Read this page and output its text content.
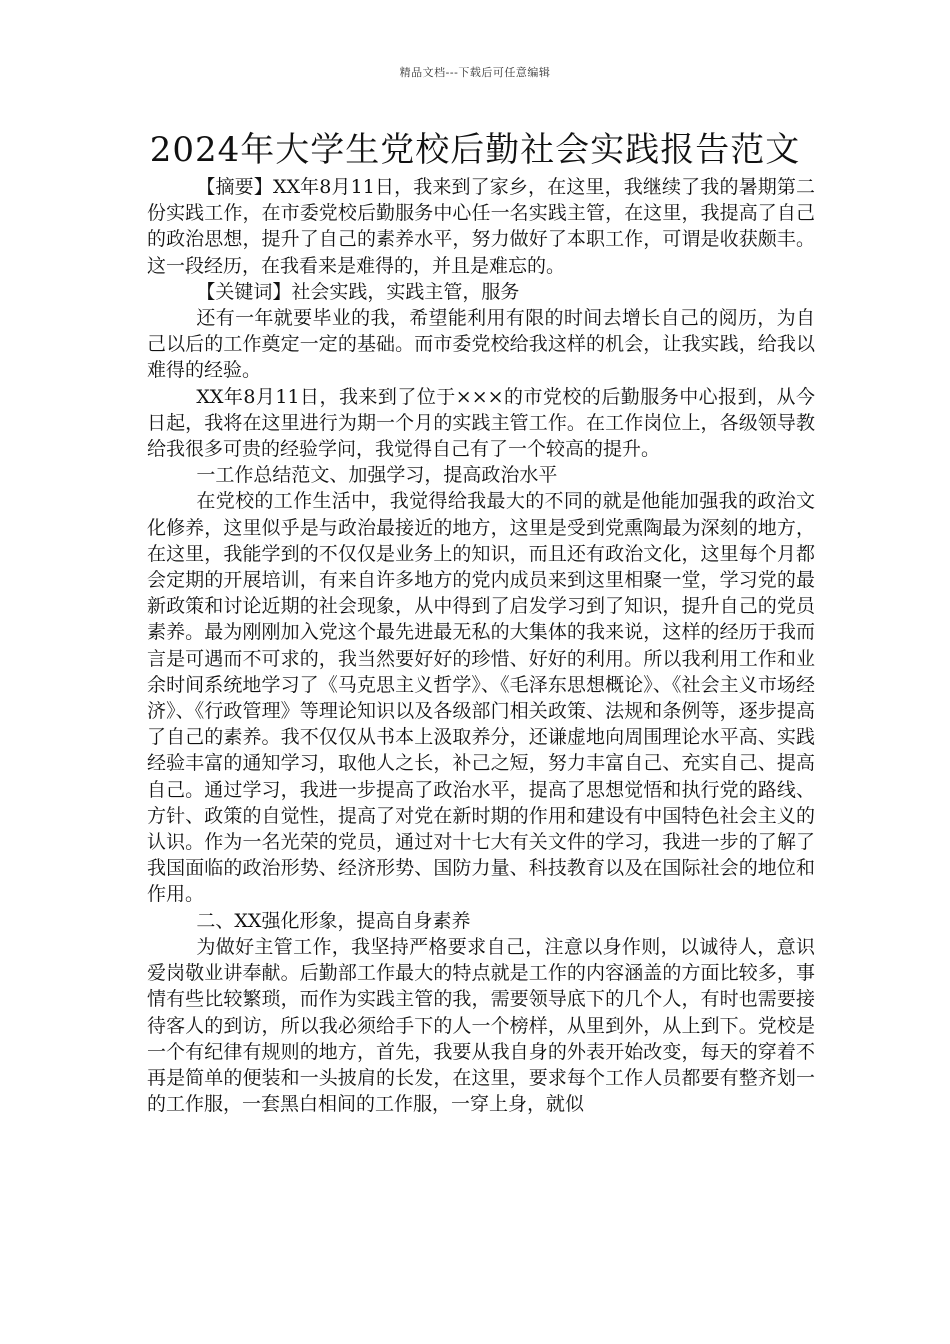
精品文档---下载后可任意编辑
2024年大学生党校后勤社会实践报告范文

【摘要】XX年8月11日，我来到了家乡，在这里，我继续了我的暑期第二份实践工作，在市委党校后勤服务中心任一名实践主管，在这里，我提高了自己的政治思想，提升了自己的素养水平，努力做好了本职工作，可谓是收获颇丰。这一段经历，在我看来是难得的，并且是难忘的。

【关键词】社会实践，实践主管，服务

还有一年就要毕业的我，希望能利用有限的时间去增长自己的阅历，为自己以后的工作奠定一定的基础。而市委党校给我这样的机会，让我实践，给我以难得的经验。

XX年8月11日，我来到了位于×××的市党校的后勤服务中心报到，从今日起，我将在这里进行为期一个月的实践主管工作。在工作岗位上，各级领导教给我很多可贵的经验学问，我觉得自己有了一个较高的提升。

一工作总结范文、加强学习，提高政治水平

在党校的工作生活中，我觉得给我最大的不同的就是他能加强我的政治文化修养，这里似乎是与政治最接近的地方，这里是受到党熏陶最为深刻的地方，在这里，我能学到的不仅仅是业务上的知识，而且还有政治文化，这里每个月都会定期的开展培训，有来自许多地方的党内成员来到这里相聚一堂，学习党的最新政策和讨论近期的社会现象，从中得到了启发学习到了知识，提升自己的党员素养。最为刚刚加入党这个最先进最无私的大集体的我来说，这样的经历于我而言是可遇而不可求的，我当然要好好的珍惜、好好的利用。所以我利用工作和业余时间系统地学习了《马克思主义哲学》、《毛泽东思想概论》、《社会主义市场经济》、《行政管理》等理论知识以及各级部门相关政策、法规和条例等，逐步提高了自己的素养。我不仅仅从书本上汲取养分，还谦虚地向周围理论水平高、实践经验丰富的通知学习，取他人之长，补己之短，努力丰富自己、充实自己、提高自己。通过学习，我进一步提高了政治水平，提高了思想觉悟和执行党的路线、方针、政策的自觉性，提高了对党在新时期的作用和建设有中国特色社会主义的认识。作为一名光荣的党员，通过对十七大有关文件的学习，我进一步的了解了我国面临的政治形势、经济形势、国防力量、科技教育以及在国际社会的地位和作用。

二、XX强化形象，提高自身素养

为做好主管工作，我坚持严格要求自己，注意以身作则，以诚待人，意识爱岗敬业讲奉献。后勤部工作最大的特点就是工作的内容涵盖的方面比较多，事情有些比较繁琐，而作为实践主管的我，需要领导底下的几个人，有时也需要接待客人的到访，所以我必须给手下的人一个榜样，从里到外，从上到下。党校是一个有纪律有规则的地方，首先，我要从我自身的外表开始改变，每天的穿着不再是简单的便装和一头披肩的长发，在这里，要求每个工作人员都要有整齐划一的工作服，一套黑白相间的工作服，一穿上身，就似
